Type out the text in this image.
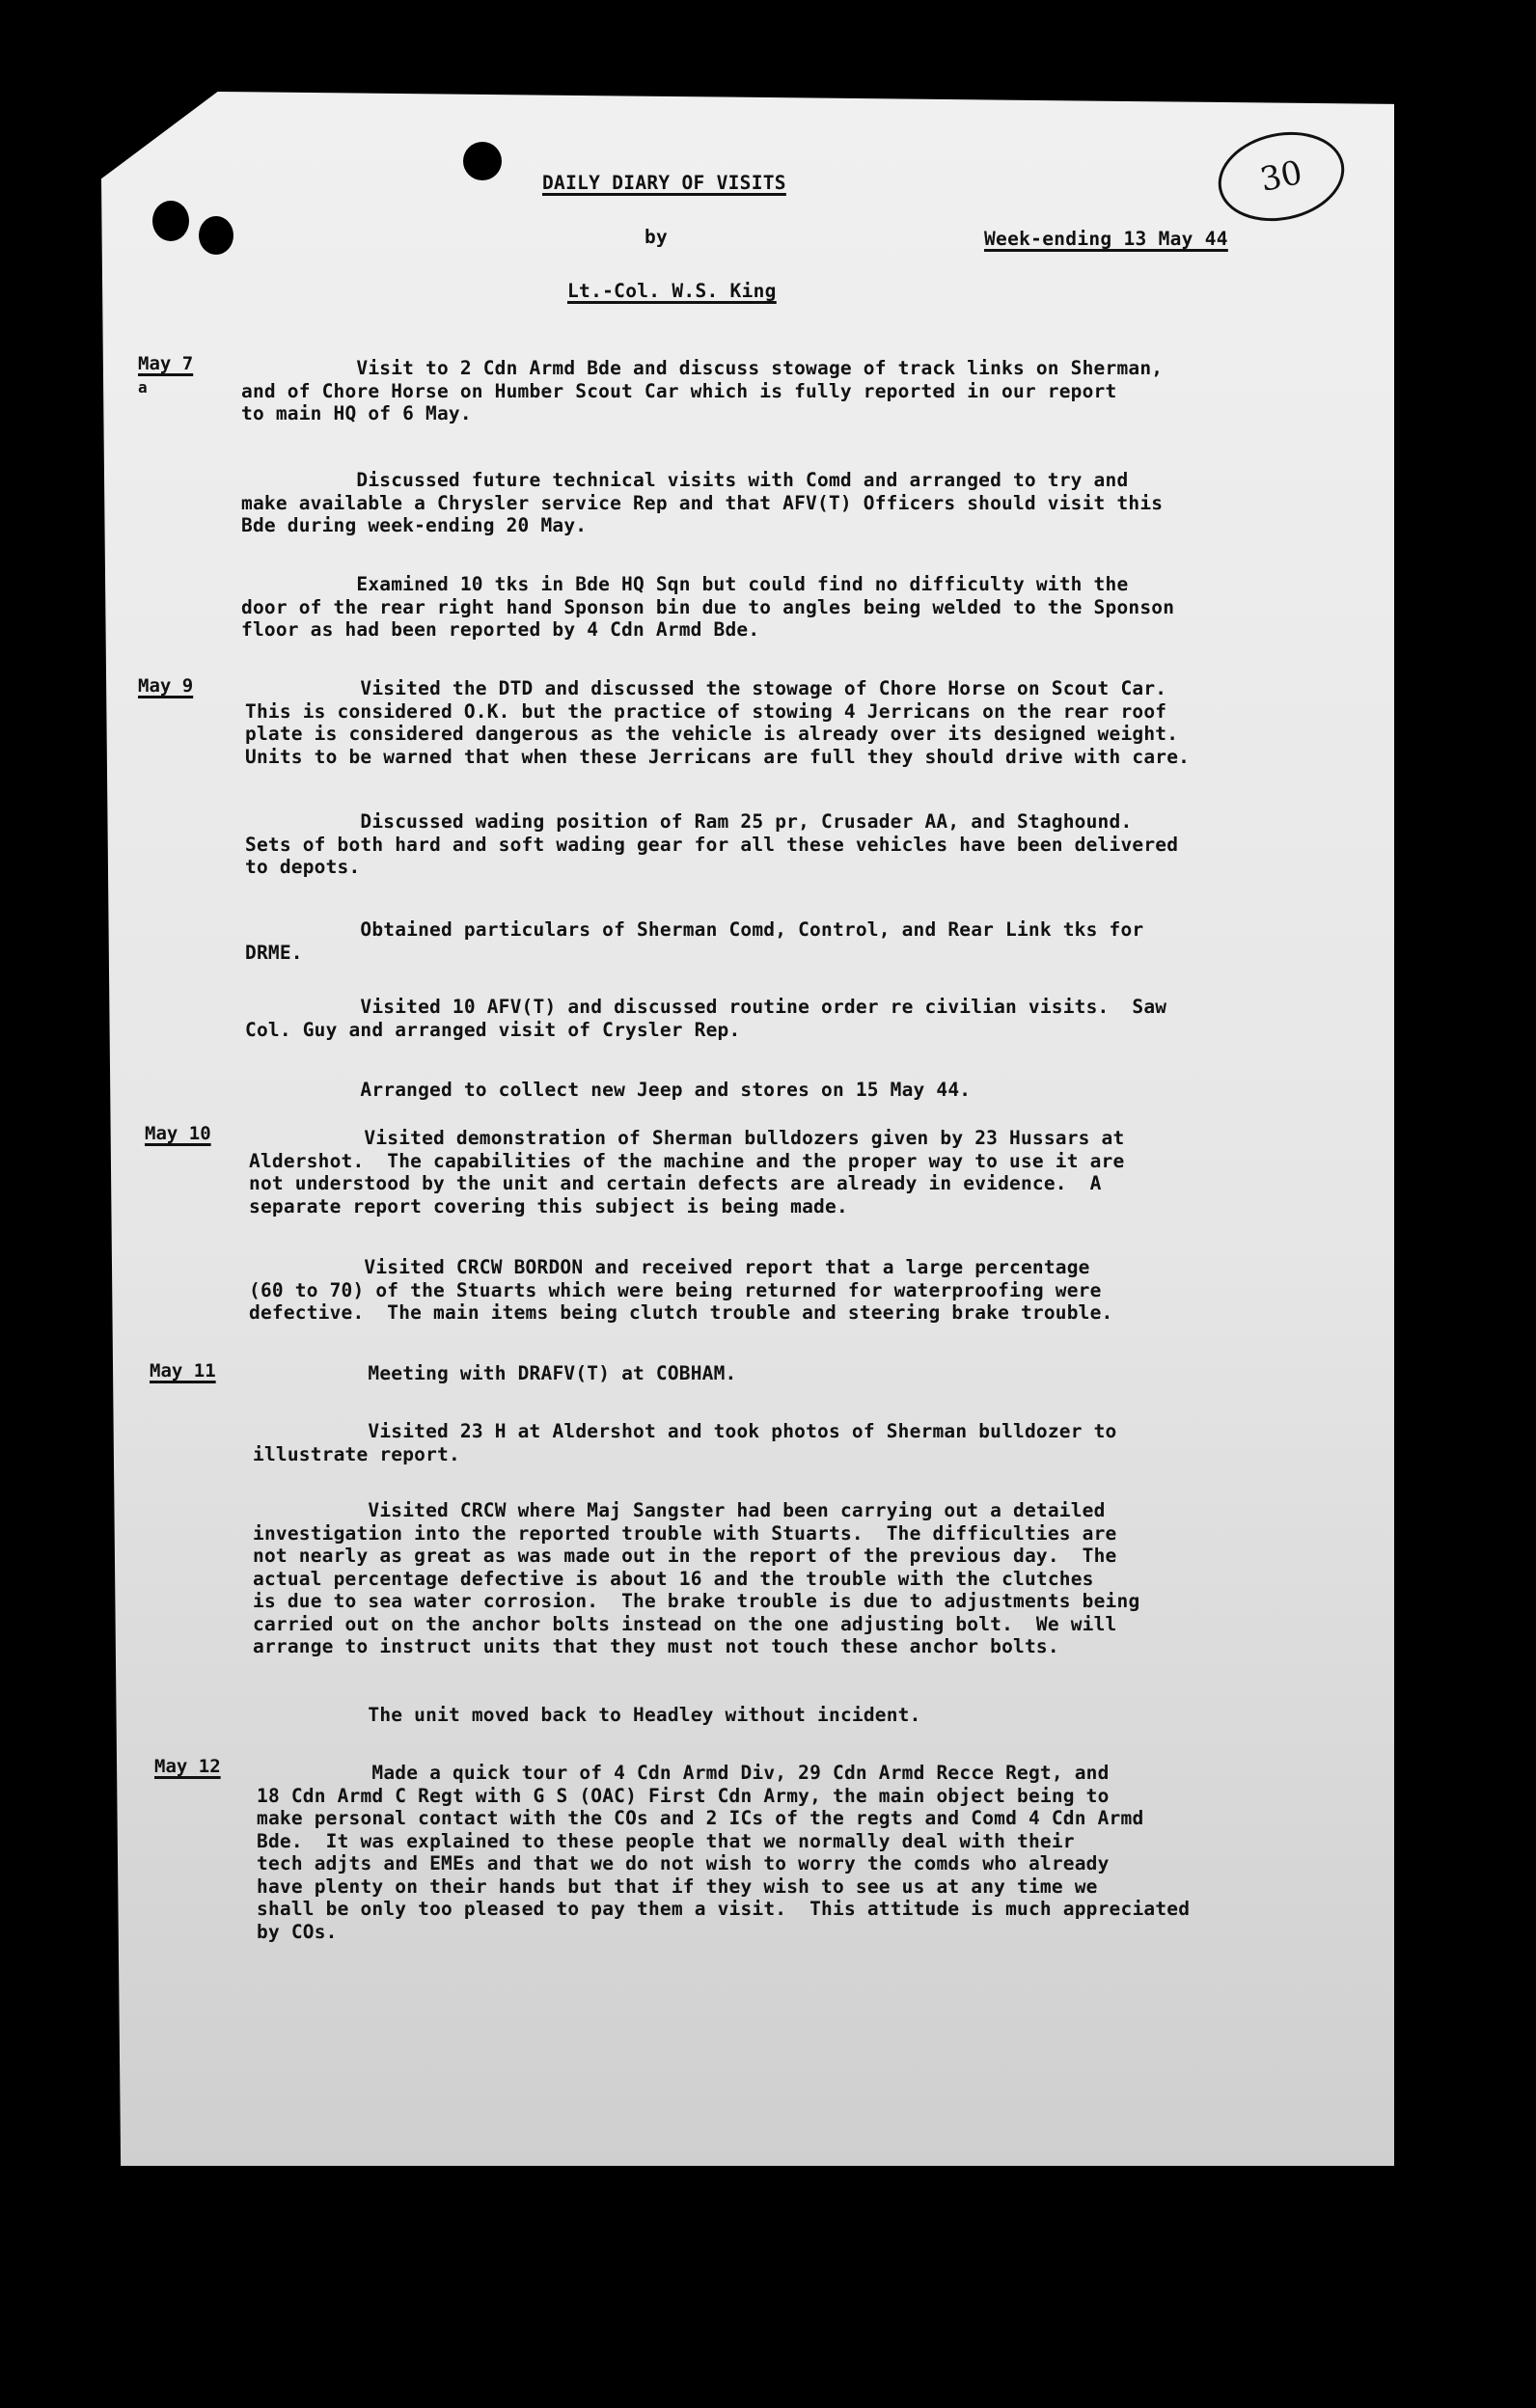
30
DAILY DIARY OF VISITS
by	Week-ending 13 May 44
Lt.-Col. W.S. King
May 7
a
Visit to 2 Cdn Armd Bde and discuss stowage of track links on Sherman,
and of Chore Horse on Humber Scout Car which is fully reported in our report
to main HQ of 6 May.
Discussed future technical visits with Comd and arranged to try and
make available a Chrysler service Rep and that AFV(T) Officers should visit this
Bde during week-ending 20 May.
Examined 10 tks in Bde HQ Sqn but could find no difficulty with the
door of the rear right hand Sponson bin due to angles being welded to the Sponson
floor as had been reported by 4 Cdn Armd Bde.
May 9	Visited the DTD and discussed the stowage of Chore Horse on Scout Car.
This is considered O.K. but the practice of stowing 4 Jerricans on the rear roof
plate is considered dangerous as the vehicle is already over its designed weight.
Units to be warned that when these Jerricans are full they should drive with care.
Discussed wading position of Ram 25 pr, Crusader AA, and Staghound.
Sets of both hard and soft wading gear for all these vehicles have been delivered
to depots.
Obtained particulars of Sherman Comd, Control, and Rear Link tks for
DRME.
Visited 10 AFV(T) and discussed routine order re civilian visits.  Saw
Col. Guy and arranged visit of Crysler Rep.
Arranged to collect new Jeep and stores on 15 May 44.
May 10	Visited demonstration of Sherman bulldozers given by 23 Hussars at
Aldershot.  The capabilities of the machine and the proper way to use it are
not understood by the unit and certain defects are already in evidence.  A
separate report covering this subject is being made.
Visited CRCW BORDON and received report that a large percentage
(60 to 70) of the Stuarts which were being returned for waterproofing were
defective.  The main items being clutch trouble and steering brake trouble.
May 11 Meeting with DRAFV(T) at COBHAM.
Visited 23 H at Aldershot and took photos of Sherman bulldozer to
illustrate report.
Visited CRCW where Maj Sangster had been carrying out a detailed
investigation into the reported trouble with Stuarts.  The difficulties are
not nearly as great as was made out in the report of the previous day.  The
actual percentage defective is about 16 and the trouble with the clutches
is due to sea water corrosion.  The brake trouble is due to adjustments being
carried out on the anchor bolts instead on the one adjusting bolt.  We will
arrange to instruct units that they must not touch these anchor bolts.
The unit moved back to Headley without incident.
May 12	Made a quick tour of 4 Cdn Armd Div, 29 Cdn Armd Recce Regt, and
18 Cdn Armd C Regt with G S (OAC) First Cdn Army, the main object being to
make personal contact with the COs and 2 ICs of the regts and Comd 4 Cdn Armd
Bde.  It was explained to these people that we normally deal with their
tech adjts and EMEs and that we do not wish to worry the comds who already
have plenty on their hands but that if they wish to see us at any time we
shall be only too pleased to pay them a visit.  This attitude is much appreciated
by COs.
